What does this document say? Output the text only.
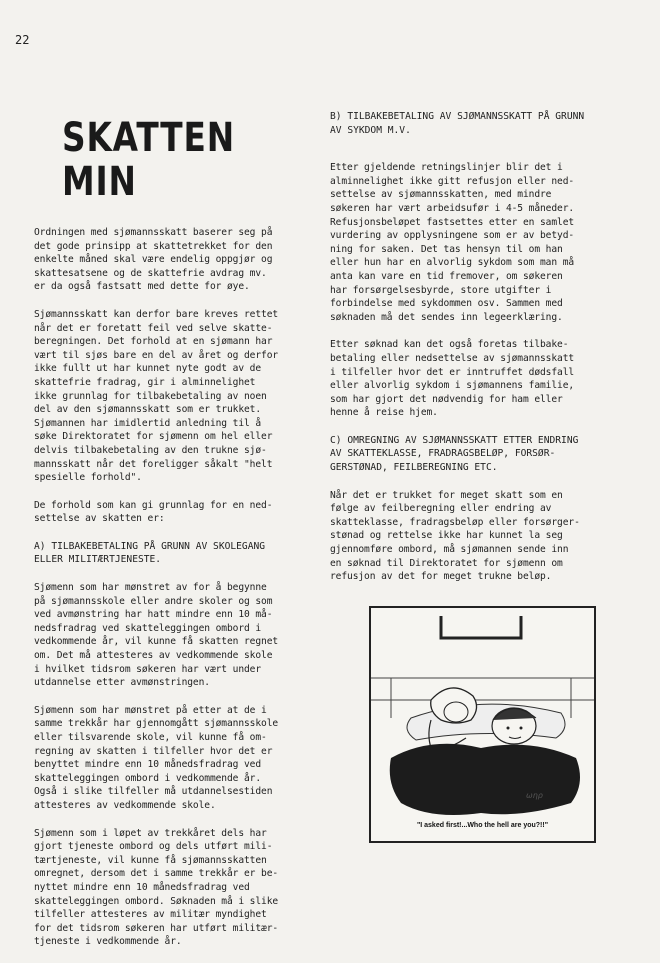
22
SKATTEN MIN

Ordningen med sjømannsskatt baserer seg på
det gode prinsipp at skattetrekket for den
enkelte måned skal være endelig oppgjør og
skattesatsene og de skattefrie avdrag mv.
er da også fastsatt med dette for øye.

Sjømannsskatt kan derfor bare kreves rettet
når det er foretatt feil ved selve skatte-
beregningen. Det forhold at en sjømann har
vært til sjøs bare en del av året og derfor
ikke fullt ut har kunnet nyte godt av de
skattefrie fradrag, gir i alminnelighet
ikke grunnlag for tilbakebetaling av noen
del av den sjømannsskatt som er trukket.
Sjømannen har imidlertid anledning til å
søke Direktoratet for sjømenn om hel eller
delvis tilbakebetaling av den trukne sjø-
mannsskatt når det foreligger såkalt "helt
spesielle forhold".

De forhold som kan gi grunnlag for en ned-
settelse av skatten er:

A) TILBAKEBETALING PÅ GRUNN AV SKOLEGANG
ELLER MILITÆRTJENESTE.

Sjømenn som har mønstret av for å begynne
på sjømannsskole eller andre skoler og som
ved avmønstring har hatt mindre enn 10 må-
nedsfradrag ved skatteleggingen ombord i
vedkommende år, vil kunne få skatten regnet
om. Det må attesteres av vedkommende skole
i hvilket tidsrom søkeren har vært under
utdannelse etter avmønstringen.

Sjømenn som har mønstret på etter at de i
samme trekkår har gjennomgått sjømannsskole
eller tilsvarende skole, vil kunne få om-
regning av skatten i tilfeller hvor det er
benyttet mindre enn 10 månedsfradrag ved
skatteleggingen ombord i vedkommende år.
Også i slike tilfeller må utdannelsestiden
attesteres av vedkommende skole.

Sjømenn som i løpet av trekkåret dels har
gjort tjeneste ombord og dels utført mili-
tærtjeneste, vil kunne få sjømannsskatten
omregnet, dersom det i samme trekkår er be-
nyttet mindre enn 10 månedsfradrag ved
skatteleggingen ombord. Søknaden må i slike
tilfeller attesteres av militær myndighet
for det tidsrom søkeren har utført militær-
tjeneste i vedkommende år.

B) TILBAKEBETALING AV SJØMANNSSKATT PÅ GRUNN
AV SYKDOM M.V.

Etter gjeldende retningslinjer blir det i
alminnelighet ikke gitt refusjon eller ned-
settelse av sjømannsskatten, med mindre
søkeren har vært arbeidsufør i 4-5 måneder.
Refusjonsbeløpet fastsettes etter en samlet
vurdering av opplysningene som er av betyd-
ning for saken. Det tas hensyn til om han
eller hun har en alvorlig sykdom som man må
anta kan vare en tid fremover, om søkeren
har forsørgelsesbyrde, store utgifter i
forbindelse med sykdommen osv. Sammen med
søknaden må det sendes inn legeerklæring.

Etter søknad kan det også foretas tilbake-
betaling eller nedsettelse av sjømannsskatt
i tilfeller hvor det er inntruffet dødsfall
eller alvorlig sykdom i sjømannens familie,
som har gjort det nødvendig for ham eller
henne å reise hjem.

C) OMREGNING AV SJØMANNSSKATT ETTER ENDRING
AV SKATTEKLASSE, FRADRAGSBELØP, FORSØR-
GERSTØNAD, FEILBEREGNING ETC.

Når det er trukket for meget skatt som en
følge av feilberegning eller endring av
skatteklasse, fradragsbeløp eller forsørger-
stønad og rettelse ikke har kunnet la seg
gjennomføre ombord, må sjømannen sende inn
en søknad til Direktoratet for sjømenn om
refusjon av det for meget trukne beløp.

ωηρ
"I asked first!...Who the hell are you?!!"
